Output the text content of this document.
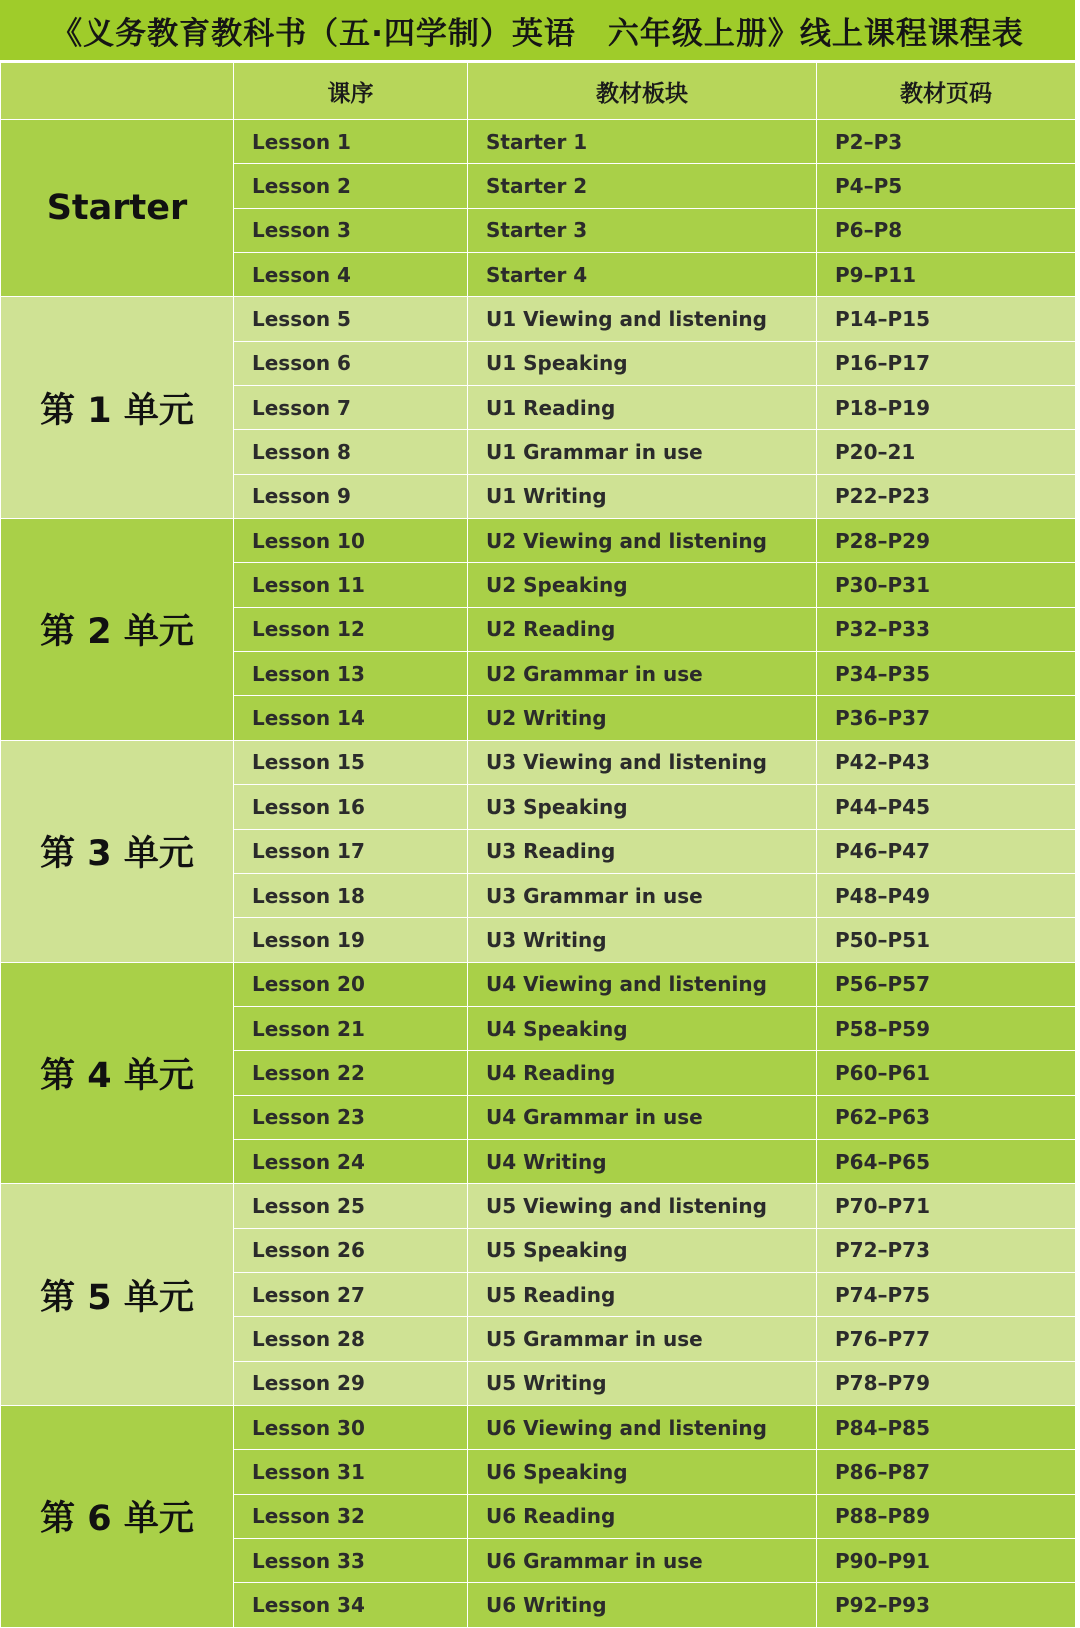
《义务教育教科书（五·四学制）英语　六年级上册》线上课程课程表
	课序	教材板块	教材页码
Starter	Lesson 1	Starter 1	P2–P3
	Lesson 2	Starter 2	P4–P5
	Lesson 3	Starter 3	P6–P8
	Lesson 4	Starter 4	P9–P11
第 1 单元	Lesson 5	U1 Viewing and listening	P14–P15
	Lesson 6	U1 Speaking	P16–P17
	Lesson 7	U1 Reading	P18–P19
	Lesson 8	U1 Grammar in use	P20–21
	Lesson 9	U1 Writing	P22–P23
第 2 单元	Lesson 10	U2 Viewing and listening	P28–P29
	Lesson 11	U2 Speaking	P30–P31
	Lesson 12	U2 Reading	P32–P33
	Lesson 13	U2 Grammar in use	P34–P35
	Lesson 14	U2 Writing	P36–P37
第 3 单元	Lesson 15	U3 Viewing and listening	P42–P43
	Lesson 16	U3 Speaking	P44–P45
	Lesson 17	U3 Reading	P46–P47
	Lesson 18	U3 Grammar in use	P48–P49
	Lesson 19	U3 Writing	P50–P51
第 4 单元	Lesson 20	U4 Viewing and listening	P56–P57
	Lesson 21	U4 Speaking	P58–P59
	Lesson 22	U4 Reading	P60–P61
	Lesson 23	U4 Grammar in use	P62–P63
	Lesson 24	U4 Writing	P64–P65
第 5 单元	Lesson 25	U5 Viewing and listening	P70–P71
	Lesson 26	U5 Speaking	P72–P73
	Lesson 27	U5 Reading	P74–P75
	Lesson 28	U5 Grammar in use	P76–P77
	Lesson 29	U5 Writing	P78–P79
第 6 单元	Lesson 30	U6 Viewing and listening	P84–P85
	Lesson 31	U6 Speaking	P86–P87
	Lesson 32	U6 Reading	P88–P89
	Lesson 33	U6 Grammar in use	P90–P91
	Lesson 34	U6 Writing	P92–P93
